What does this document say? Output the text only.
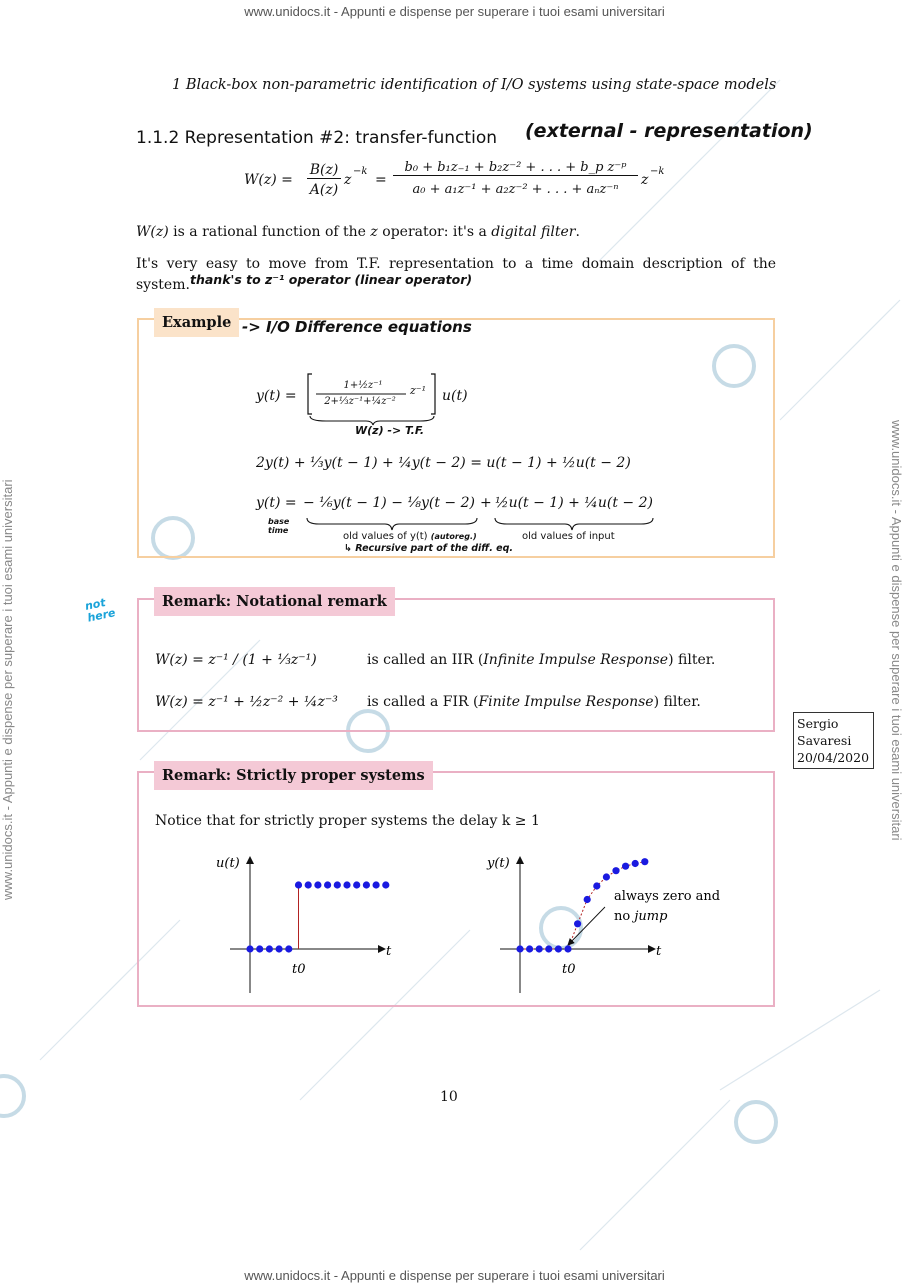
www.unidocs.it - Appunti e dispense per superare i tuoi esami universitari
www.unidocs.it - Appunti e dispense per superare i tuoi esami universitari
www.unidocs.it - Appunti e dispense per superare i tuoi esami universitari	www.unidocs.it - Appunti e dispense per superare i tuoi esami universitari
1 Black-box non-parametric identification of I/O systems using state-space models
1.1.2 Representation #2: transfer-function (external - representation)
W(z) =
B(z)
A(z)
z
−k
=
b₀ + b₁z₋₁ + b₂z⁻² + . . . + b_p z⁻ᵖ
a₀ + a₁z⁻¹ + a₂z⁻² + . . . + aₙz⁻ⁿ
z
−k
W(z) is a rational function of the z operator: it's a digital filter.
It's very easy to move from T.F. representation to a time domain description of the system. thank's to z⁻¹ operator (linear operator)
Example -> I/O Difference equations
y(t) =
1+½z⁻¹
2+⅓z⁻¹+¼z⁻²
z⁻¹ u(t)
W(z) -> T.F.
2y(t) + ⅓y(t − 1) + ¼y(t − 2) = u(t − 1) + ½u(t − 2)
y(t) = − ⅙y(t − 1) − ⅛y(t − 2) + ½u(t − 1) + ¼u(t − 2)
old values of y(t) (autoreg.)	old values of input
base time
↳ Recursive part of the diff. eq.
not here
Remark: Notational remark
W(z) = z⁻¹ / (1 + ⅓z⁻¹)	is called an IIR (Infinite Impulse Response) filter.
W(z) = z⁻¹ + ½z⁻² + ¼z⁻³ is called a FIR (Finite Impulse Response) filter.
Sergio
Savaresi
20/04/2020
Remark: Strictly proper systems
Notice that for strictly proper systems the delay k ≥ 1
u(t)
t
t0
y(t)
t
t0
always zero and
no jump
10
